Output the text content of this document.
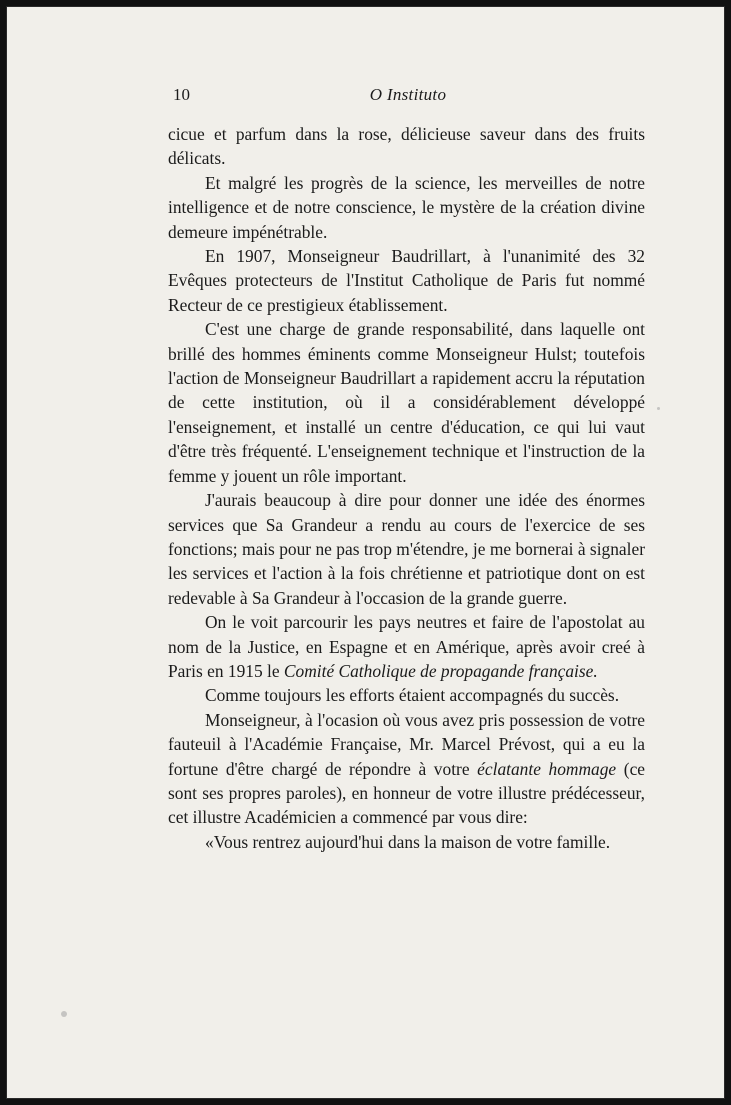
10	O Instituto

cicue et parfum dans la rose, délicieuse saveur dans des fruits délicats.

Et malgré les progrès de la science, les merveilles de notre intelligence et de notre conscience, le mystère de la création divine demeure impénétrable.

En 1907, Monseigneur Baudrillart, à l'unanimité des 32 Evêques protecteurs de l'Institut Catholique de Paris fut nommé Recteur de ce prestigieux établissement.

C'est une charge de grande responsabilité, dans laquelle ont brillé des hommes éminents comme Monseigneur Hulst; toutefois l'action de Monseigneur Baudrillart a rapidement accru la réputation de cette institution, où il a considérablement développé l'enseignement, et installé un centre d'éducation, ce qui lui vaut d'être très fréquenté. L'enseignement technique et l'instruction de la femme y jouent un rôle important.

J'aurais beaucoup à dire pour donner une idée des énormes services que Sa Grandeur a rendu au cours de l'exercice de ses fonctions; mais pour ne pas trop m'étendre, je me bornerai à signaler les services et l'action à la fois chrétienne et patriotique dont on est redevable à Sa Grandeur à l'occasion de la grande guerre.

On le voit parcourir les pays neutres et faire de l'apostolat au nom de la Justice, en Espagne et en Amérique, après avoir creé à Paris en 1915 le Comité Catholique de propagande française.

Comme toujours les efforts étaient accompagnés du succès.

Monseigneur, à l'ocasion où vous avez pris possession de votre fauteuil à l'Académie Française, Mr. Marcel Prévost, qui a eu la fortune d'être chargé de répondre à votre éclatante hommage (ce sont ses propres paroles), en honneur de votre illustre prédécesseur, cet illustre Académicien a commencé par vous dire:

«Vous rentrez aujourd'hui dans la maison de votre famille.
